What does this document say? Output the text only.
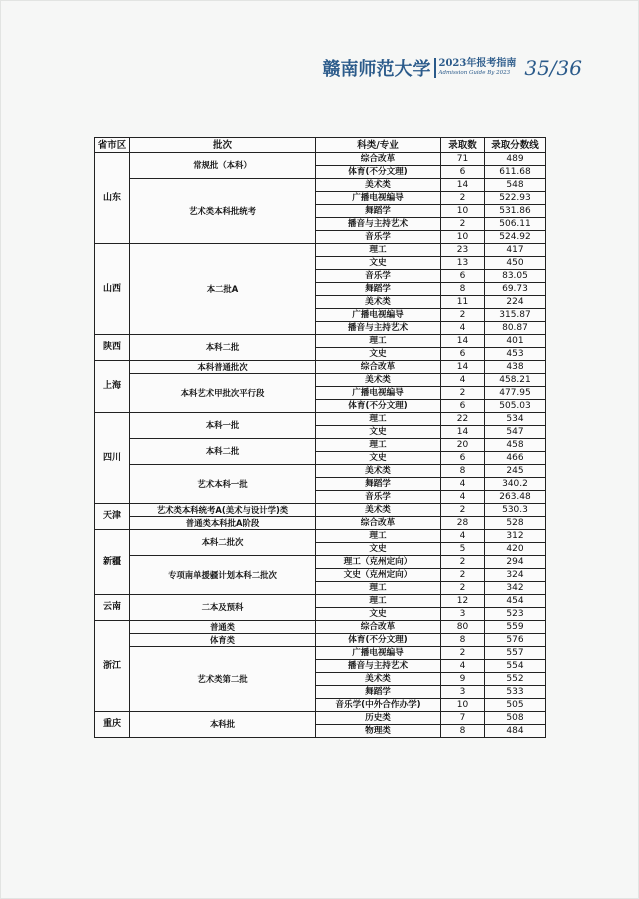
赣南师范大学 2023年报考指南
Admission Guide By 2023 35/36
省市区	批次	科类/专业	录取数	录取分数线
山东	常规批（本科）	综合改革	71	489
		体育(不分文理)	6	611.68
	艺术类本科批统考	美术类	14	548
		广播电视编导	2	522.93
		舞蹈学	10	531.86
		播音与主持艺术	2	506.11
		音乐学	10	524.92
山西	本二批A	理工	23	417
		文史	13	450
		音乐学	6	83.05
		舞蹈学	8	69.73
		美术类	11	224
		广播电视编导	2	315.87
		播音与主持艺术	4	80.87
陕西	本科二批	理工	14	401
		文史	6	453
上海	本科普通批次	综合改革	14	438
	本科艺术甲批次平行段	美术类	4	458.21
		广播电视编导	2	477.95
		体育(不分文理)	6	505.03
四川	本科一批	理工	22	534
		文史	14	547
	本科二批	理工	20	458
		文史	6	466
	艺术本科一批	美术类	8	245
		舞蹈学	4	340.2
		音乐学	4	263.48
天津	艺术类本科统考A(美术与设计学)类	美术类	2	530.3
	普通类本科批A阶段	综合改革	28	528
新疆	本科二批次	理工	4	312
		文史	5	420
	专项南单援疆计划本科二批次	理工（克州定向）	2	294
		文史（克州定向）	2	324
		理工	2	342
云南	二本及预科	理工	12	454
		文史	3	523
浙江	普通类	综合改革	80	559
	体育类	体育(不分文理)	8	576
	艺术类第二批	广播电视编导	2	557
		播音与主持艺术	4	554
		美术类	9	552
		舞蹈学	3	533
		音乐学(中外合作办学)	10	505
重庆	本科批	历史类	7	508
		物理类	8	484
